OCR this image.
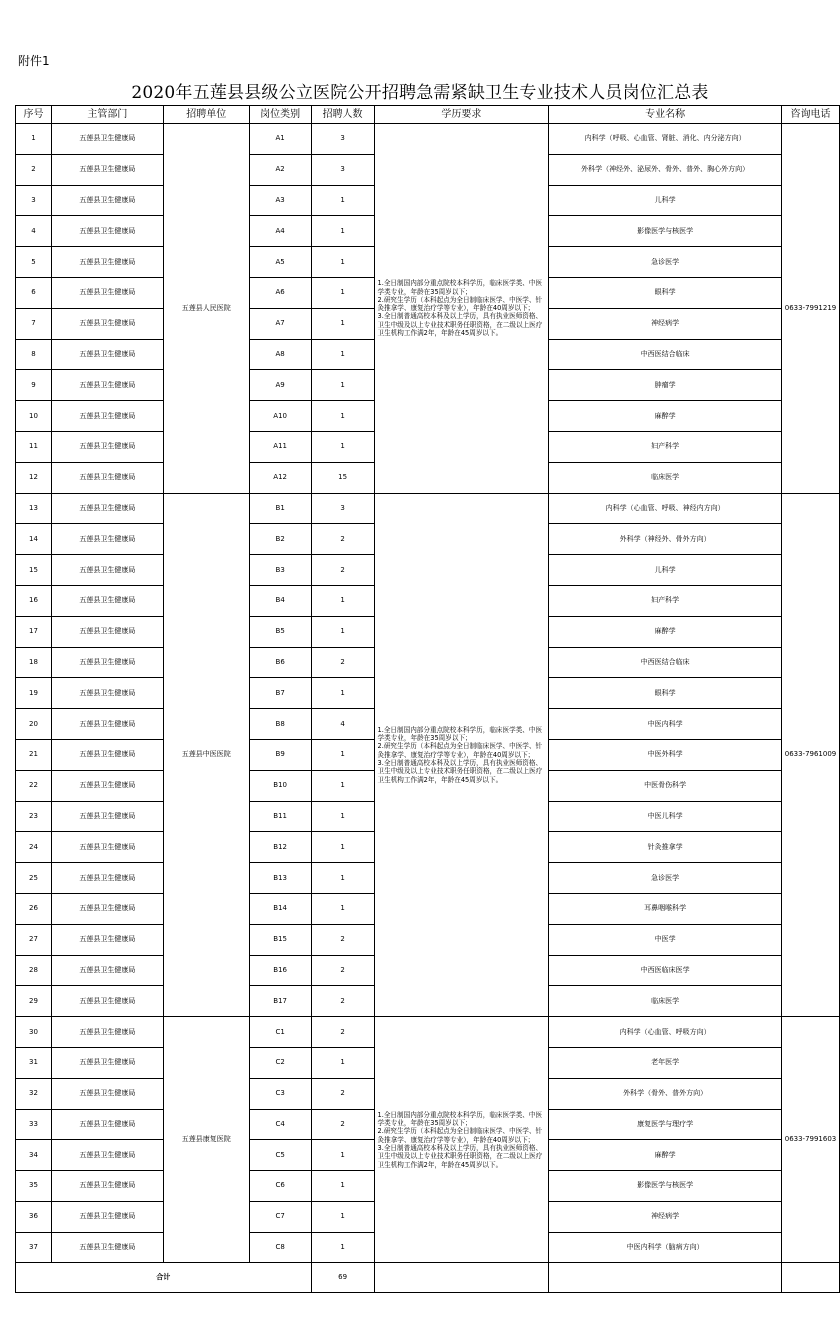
附件1
2020年五莲县县级公立医院公开招聘急需紧缺卫生专业技术人员岗位汇总表
序号	主管部门	招聘单位	岗位类别	招聘人数	学历要求	专业名称	咨询电话
1	五莲县卫生健康局	五莲县人民医院	A1	3	1.全日制国内部分重点院校本科学历，临床医学类、中医学类专业，年龄在35周岁以下；
2.研究生学历（本科起点为全日制临床医学、中医学、针灸推拿学、康复治疗学等专业），年龄在40周岁以下；
3.全日制普通高校本科及以上学历，具有执业医师资格、卫生中级及以上专业技术职务任职资格，在二级以上医疗卫生机构工作满2年，年龄在45周岁以下。	内科学（呼吸、心血管、肾脏、消化、内分泌方向）	0633-7991219
2	五莲县卫生健康局		A2	3		外科学（神经外、泌尿外、骨外、普外、胸心外方向）	
3	五莲县卫生健康局		A3	1		儿科学	
4	五莲县卫生健康局		A4	1		影像医学与核医学	
5	五莲县卫生健康局		A5	1		急诊医学	
6	五莲县卫生健康局		A6	1		眼科学	
7	五莲县卫生健康局		A7	1		神经病学	
8	五莲县卫生健康局		A8	1		中西医结合临床	
9	五莲县卫生健康局		A9	1		肿瘤学	
10	五莲县卫生健康局		A10	1		麻醉学	
11	五莲县卫生健康局		A11	1		妇产科学	
12	五莲县卫生健康局		A12	15		临床医学	
13	五莲县卫生健康局	五莲县中医医院	B1	3	1.全日制国内部分重点院校本科学历，临床医学类、中医学类专业，年龄在35周岁以下；
2.研究生学历（本科起点为全日制临床医学、中医学、针灸推拿学、康复治疗学等专业），年龄在40周岁以下；
3.全日制普通高校本科及以上学历，具有执业医师资格、卫生中级及以上专业技术职务任职资格，在二级以上医疗卫生机构工作满2年，年龄在45周岁以下。	内科学（心血管、呼吸、神经内方向）	0633-7961009
14	五莲县卫生健康局		B2	2		外科学（神经外、骨外方向）	
15	五莲县卫生健康局		B3	2		儿科学	
16	五莲县卫生健康局		B4	1		妇产科学	
17	五莲县卫生健康局		B5	1		麻醉学	
18	五莲县卫生健康局		B6	2		中西医结合临床	
19	五莲县卫生健康局		B7	1		眼科学	
20	五莲县卫生健康局		B8	4		中医内科学	
21	五莲县卫生健康局		B9	1		中医外科学	
22	五莲县卫生健康局		B10	1		中医骨伤科学	
23	五莲县卫生健康局		B11	1		中医儿科学	
24	五莲县卫生健康局		B12	1		针灸推拿学	
25	五莲县卫生健康局		B13	1		急诊医学	
26	五莲县卫生健康局		B14	1		耳鼻咽喉科学	
27	五莲县卫生健康局		B15	2		中医学	
28	五莲县卫生健康局		B16	2		中西医临床医学	
29	五莲县卫生健康局		B17	2		临床医学	
30	五莲县卫生健康局	五莲县康复医院	C1	2	1.全日制国内部分重点院校本科学历，临床医学类、中医学类专业，年龄在35周岁以下；
2.研究生学历（本科起点为全日制临床医学、中医学、针灸推拿学、康复治疗学等专业），年龄在40周岁以下；
3.全日制普通高校本科及以上学历，具有执业医师资格、卫生中级及以上专业技术职务任职资格，在二级以上医疗卫生机构工作满2年，年龄在45周岁以下。	内科学（心血管、呼吸方向）	0633-7991603
31	五莲县卫生健康局		C2	1		老年医学	
32	五莲县卫生健康局		C3	2		外科学（骨外、普外方向）	
33	五莲县卫生健康局		C4	2		康复医学与理疗学	
34	五莲县卫生健康局		C5	1		麻醉学	
35	五莲县卫生健康局		C6	1		影像医学与核医学	
36	五莲县卫生健康局		C7	1		神经病学	
37	五莲县卫生健康局		C8	1		中医内科学（脑病方向）	
合计				69			
